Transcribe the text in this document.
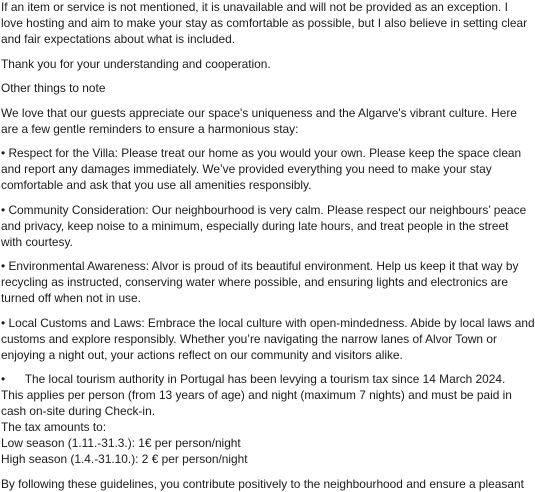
If an item or service is not mentioned, it is unavailable and will not be provided as an exception. I
love hosting and aim to make your stay as comfortable as possible, but I also believe in setting clear
and fair expectations about what is included.

Thank you for your understanding and cooperation.

Other things to note

We love that our guests appreciate our space's uniqueness and the Algarve's vibrant culture. Here
are a few gentle reminders to ensure a harmonious stay:

• Respect for the Villa: Please treat our home as you would your own. Please keep the space clean
and report any damages immediately. We’ve provided everything you need to make your stay
comfortable and ask that you use all amenities responsibly.

• Community Consideration: Our neighbourhood is very calm. Please respect our neighbours’ peace
and privacy, keep noise to a minimum, especially during late hours, and treat people in the street
with courtesy.

• Environmental Awareness: Alvor is proud of its beautiful environment. Help us keep it that way by
recycling as instructed, conserving water where possible, and ensuring lights and electronics are
turned off when not in use.

• Local Customs and Laws: Embrace the local culture with open-mindedness. Abide by local laws and
customs and explore responsibly. Whether you’re navigating the narrow lanes of Alvor Town or
enjoying a night out, your actions reflect on our community and visitors alike.

•      The local tourism authority in Portugal has been levying a tourism tax since 14 March 2024.
This applies per person (from 13 years of age) and night (maximum 7 nights) and must be paid in
cash on-site during Check-in.
The tax amounts to:
Low season (1.11.-31.3.): 1€ per person/night
High season (1.4.-31.10.): 2 € per person/night

By following these guidelines, you contribute positively to the neighbourhood and ensure a pleasant
